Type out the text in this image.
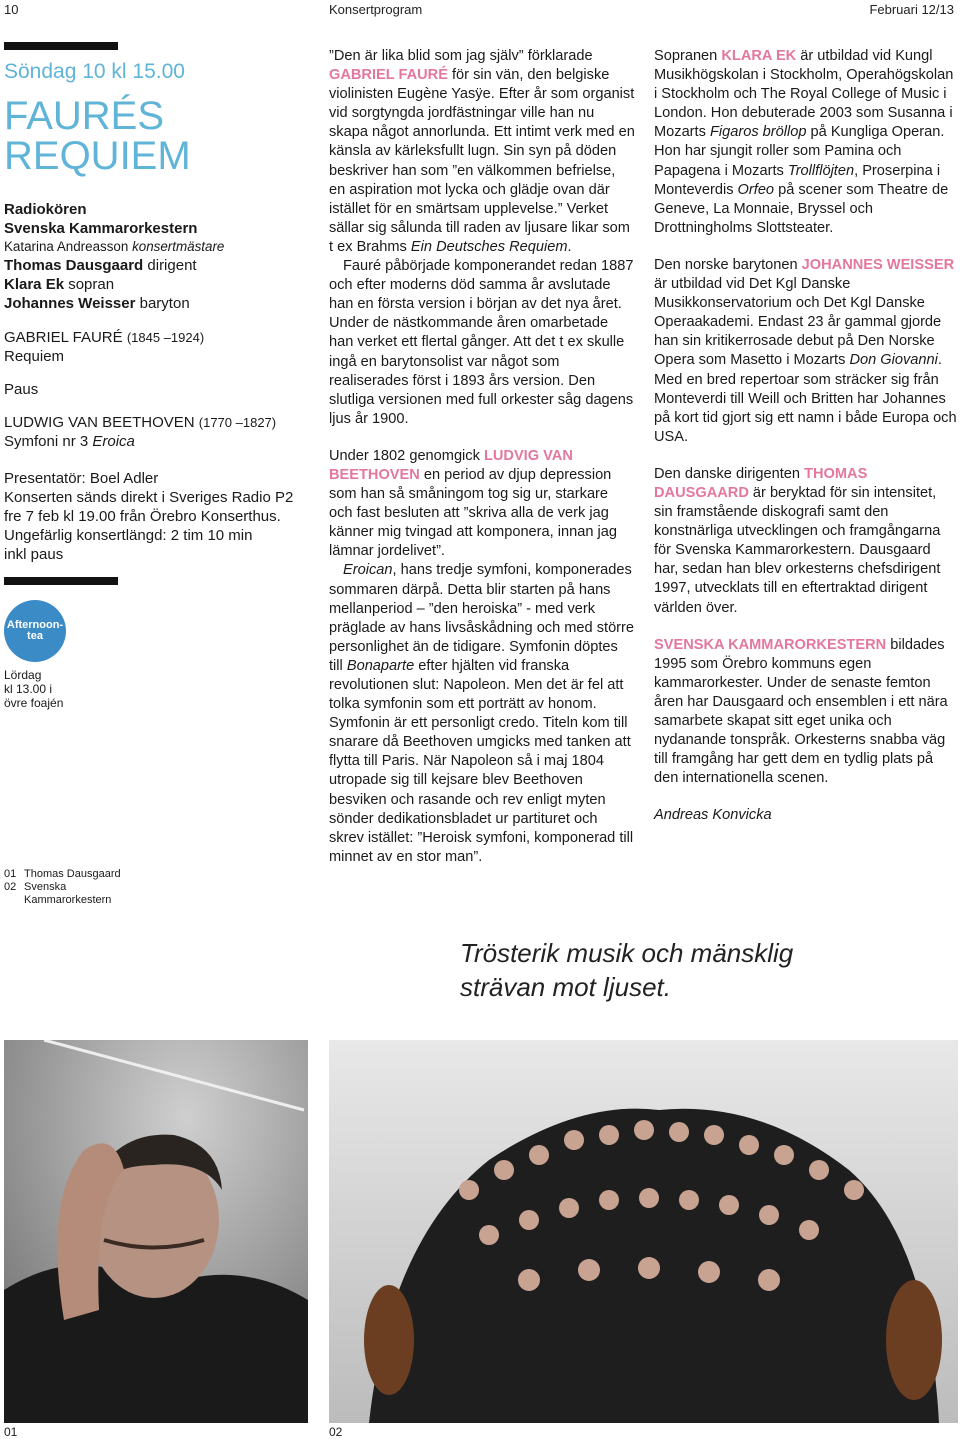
10	Konsertprogram	Februari 12/13
Söndag 10 kl 15.00
FAURÉS
REQUIEM
Radiokören
Svenska Kammarorkestern
Katarina Andreasson konsertmästare
Thomas Dausgaard dirigent
Klara Ek sopran
Johannes Weisser baryton
GABRIEL FAURÉ (1845 –1924)
Requiem
Paus
LUDWIG VAN BEETHOVEN (1770 –1827)
Symfoni nr 3 Eroica
Presentatör: Boel Adler
Konserten sänds direkt i Sveriges Radio P2
fre 7 feb kl 19.00 från Örebro Konserthus.
Ungefärlig konsertlängd: 2 tim 10 min
inkl paus
Afternoon-
tea
Lördag
kl 13.00 i
övre foajén
01 Thomas Dausgaard
02 Svenska
Kammarorkestern

”Den är lika blid som jag själv” förklarade GABRIEL FAURÉ för sin vän, den belgiske violinisten Eugène Yasÿe. Efter år som organist vid sorgtyngda jordfästningar ville han nu skapa något annorlunda. Ett intimt verk med en känsla av kärleksfullt lugn. Sin syn på döden beskriver han som ”en välkommen befrielse, en aspiration mot lycka och glädje ovan där istället för en smärtsam upplevelse.” Verket sällar sig sålunda till raden av ljusare likar som t ex Brahms Ein Deutsches Requiem.

Fauré påbörjade komponerandet redan 1887 och efter moderns död samma år avslutade han en första version i början av det nya året. Under de nästkommande åren omarbetade han verket ett flertal gånger. Att det t ex skulle ingå en barytonsolist var något som realiserades först i 1893 års version. Den slutliga versionen med full orkester såg dagens ljus år 1900.

Under 1802 genomgick LUDVIG VAN BEETHOVEN en period av djup depression som han så småningom tog sig ur, starkare och fast besluten att ”skriva alla de verk jag känner mig tvingad att komponera, innan jag lämnar jordelivet”.

Eroican, hans tredje symfoni, komponerades sommaren därpå. Detta blir starten på hans mellanperiod – ”den heroiska” - med verk präglade av hans livsåskådning och med större personlighet än de tidigare. Symfonin döptes till Bonaparte efter hjälten vid franska revolutionen slut: Napoleon. Men det är fel att tolka symfonin som ett porträtt av honom. Symfonin är ett personligt credo. Titeln kom till snarare då Beethoven umgicks med tanken att flytta till Paris. När Napoleon så i maj 1804 utropade sig till kejsare blev Beethoven besviken och rasande och rev enligt myten sönder dedikationsbladet ur partituret och skrev istället: ”Heroisk symfoni, komponerad till minnet av en stor man”.

Sopranen KLARA EK är utbildad vid Kungl Musikhögskolan i Stockholm, Operahögskolan i Stockholm och The Royal College of Music i London. Hon debuterade 2003 som Susanna i Mozarts Figaros bröllop på Kungliga Operan. Hon har sjungit roller som Pamina och Papagena i Mozarts Trollflöjten, Proserpina i Monteverdis Orfeo på scener som Theatre de Geneve, La Monnaie, Bryssel och Drottningholms Slottsteater.

Den norske barytonen JOHANNES WEISSER är utbildad vid Det Kgl Danske Musikkonservatorium och Det Kgl Danske Operaakademi. Endast 23 år gammal gjorde han sin kritikerrosade debut på Den Norske Opera som Masetto i Mozarts Don Giovanni. Med en bred repertoar som sträcker sig från Monteverdi till Weill och Britten har Johannes på kort tid gjort sig ett namn i både Europa och USA.

Den danske dirigenten THOMAS DAUSGAARD är beryktad för sin intensitet, sin framstående diskografi samt den konstnärliga utvecklingen och framgångarna för Svenska Kammarorkestern. Dausgaard har, sedan han blev orkesterns chefsdirigent 1997, utvecklats till en eftertraktad dirigent världen över.

SVENSKA KAMMARORKESTERN bildades 1995 som Örebro kommuns egen kammarorkester. Under de senaste femton åren har Dausgaard och ensemblen i ett nära samarbete skapat sitt eget unika och nydanande tonspråk. Orkesterns snabba väg till framgång har gett dem en tydlig plats på den internationella scenen.

Andreas Konvicka

Trösterik musik och mänsklig
strävan mot ljuset.
01	02
